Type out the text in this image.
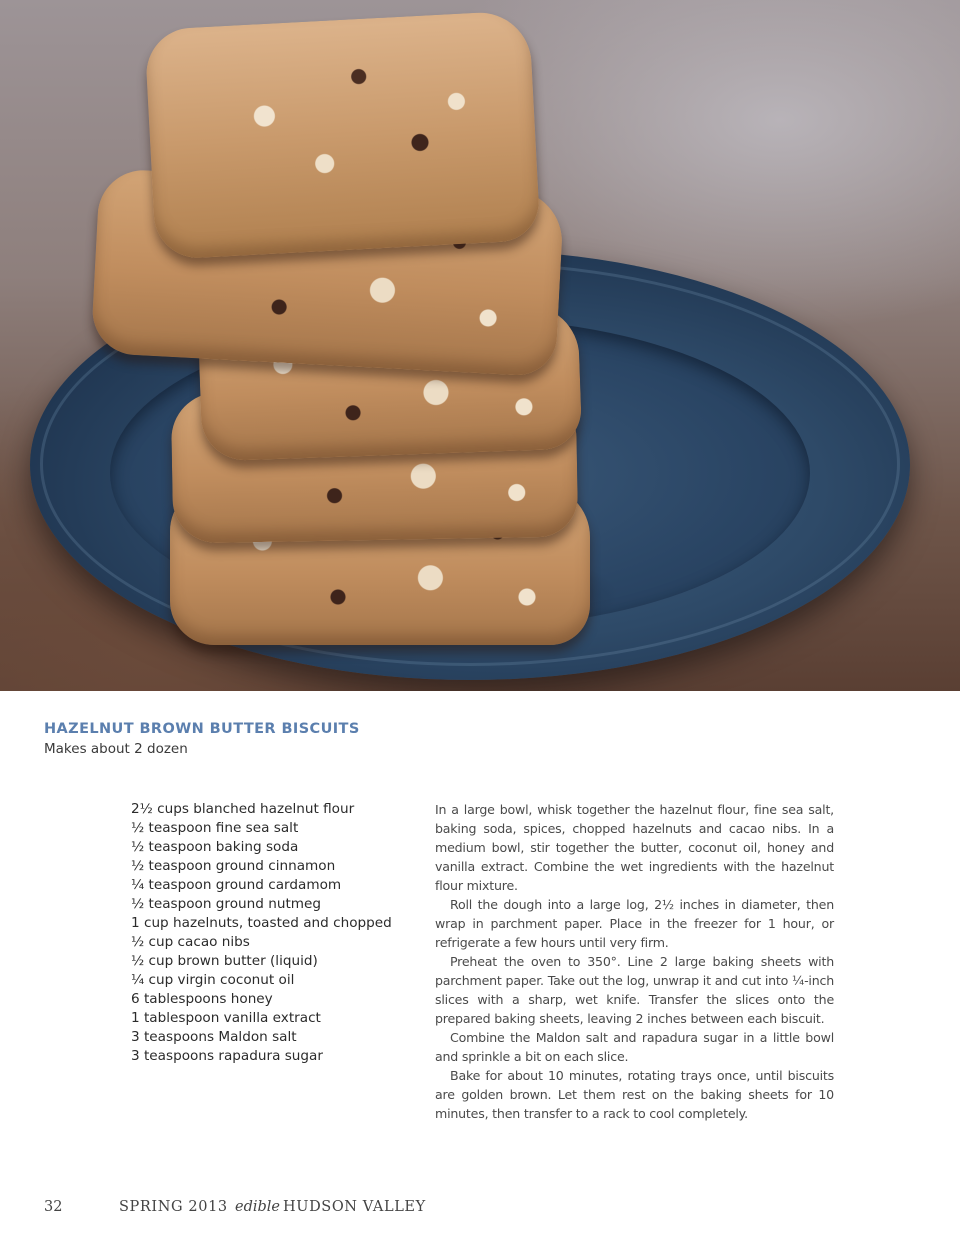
HAZELNUT BROWN BUTTER BISCUITS
Makes about 2 dozen
2½ cups blanched hazelnut flour
½ teaspoon fine sea salt
½ teaspoon baking soda
½ teaspoon ground cinnamon
¼ teaspoon ground cardamom
½ teaspoon ground nutmeg
1 cup hazelnuts, toasted and chopped
½ cup cacao nibs
½ cup brown butter (liquid)
¼ cup virgin coconut oil
6 tablespoons honey
1 tablespoon vanilla extract
3 teaspoons Maldon salt
3 teaspoons rapadura sugar

In a large bowl, whisk together the hazelnut flour, fine sea salt, baking soda, spices, chopped hazelnuts and cacao nibs. In a medium bowl, stir together the butter, coconut oil, honey and vanilla extract. Combine the wet ingredients with the hazelnut flour mixture.

Roll the dough into a large log, 2½ inches in diameter, then wrap in parchment paper. Place in the freezer for 1 hour, or refrigerate a few hours until very firm.

Preheat the oven to 350°. Line 2 large baking sheets with parchment paper. Take out the log, unwrap it and cut into ¼-inch slices with a sharp, wet knife. Transfer the slices onto the prepared baking sheets, leaving 2 inches between each biscuit.

Combine the Maldon salt and rapadura sugar in a little bowl and sprinkle a bit on each slice.

Bake for about 10 minutes, rotating trays once, until biscuits are golden brown. Let them rest on the baking sheets for 10 minutes, then transfer to a rack to cool completely.

32	SPRING 2013 edible HUDSON VALLEY
